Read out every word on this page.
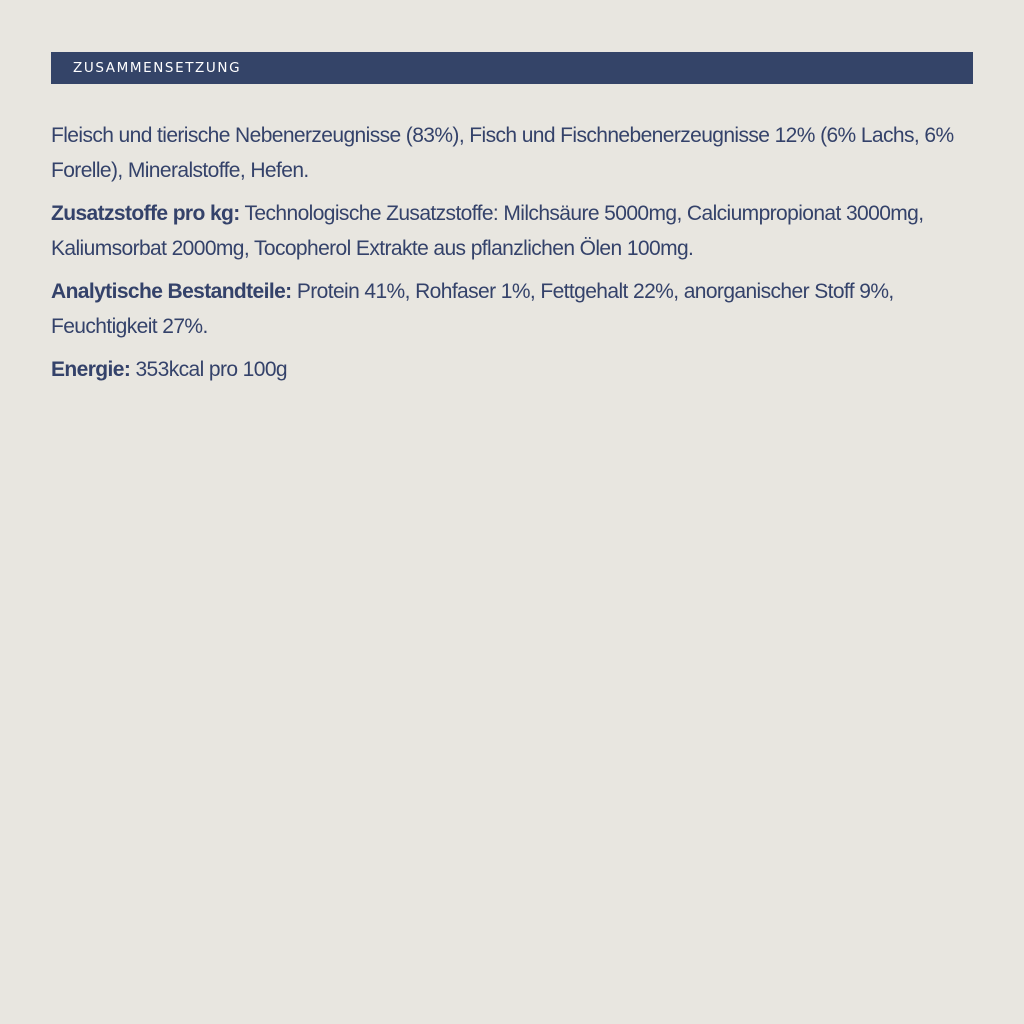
ZUSAMMENSETZUNG

Fleisch und tierische Nebenerzeugnisse (83%), Fisch und Fischnebenerzeugnisse 12% (6% Lachs, 6% Forelle), Mineralstoffe, Hefen.

Zusatzstoffe pro kg: Technologische Zusatzstoffe: Milchsäure 5000mg, Calciumpropionat 3000mg, Kaliumsorbat 2000mg, Tocopherol Extrakte aus pflanzlichen Ölen 100mg.

Analytische Bestandteile: Protein 41%, Rohfaser 1%, Fettgehalt 22%, anorganischer Stoff 9%, Feuchtigkeit 27%.

Energie: 353kcal pro 100g
